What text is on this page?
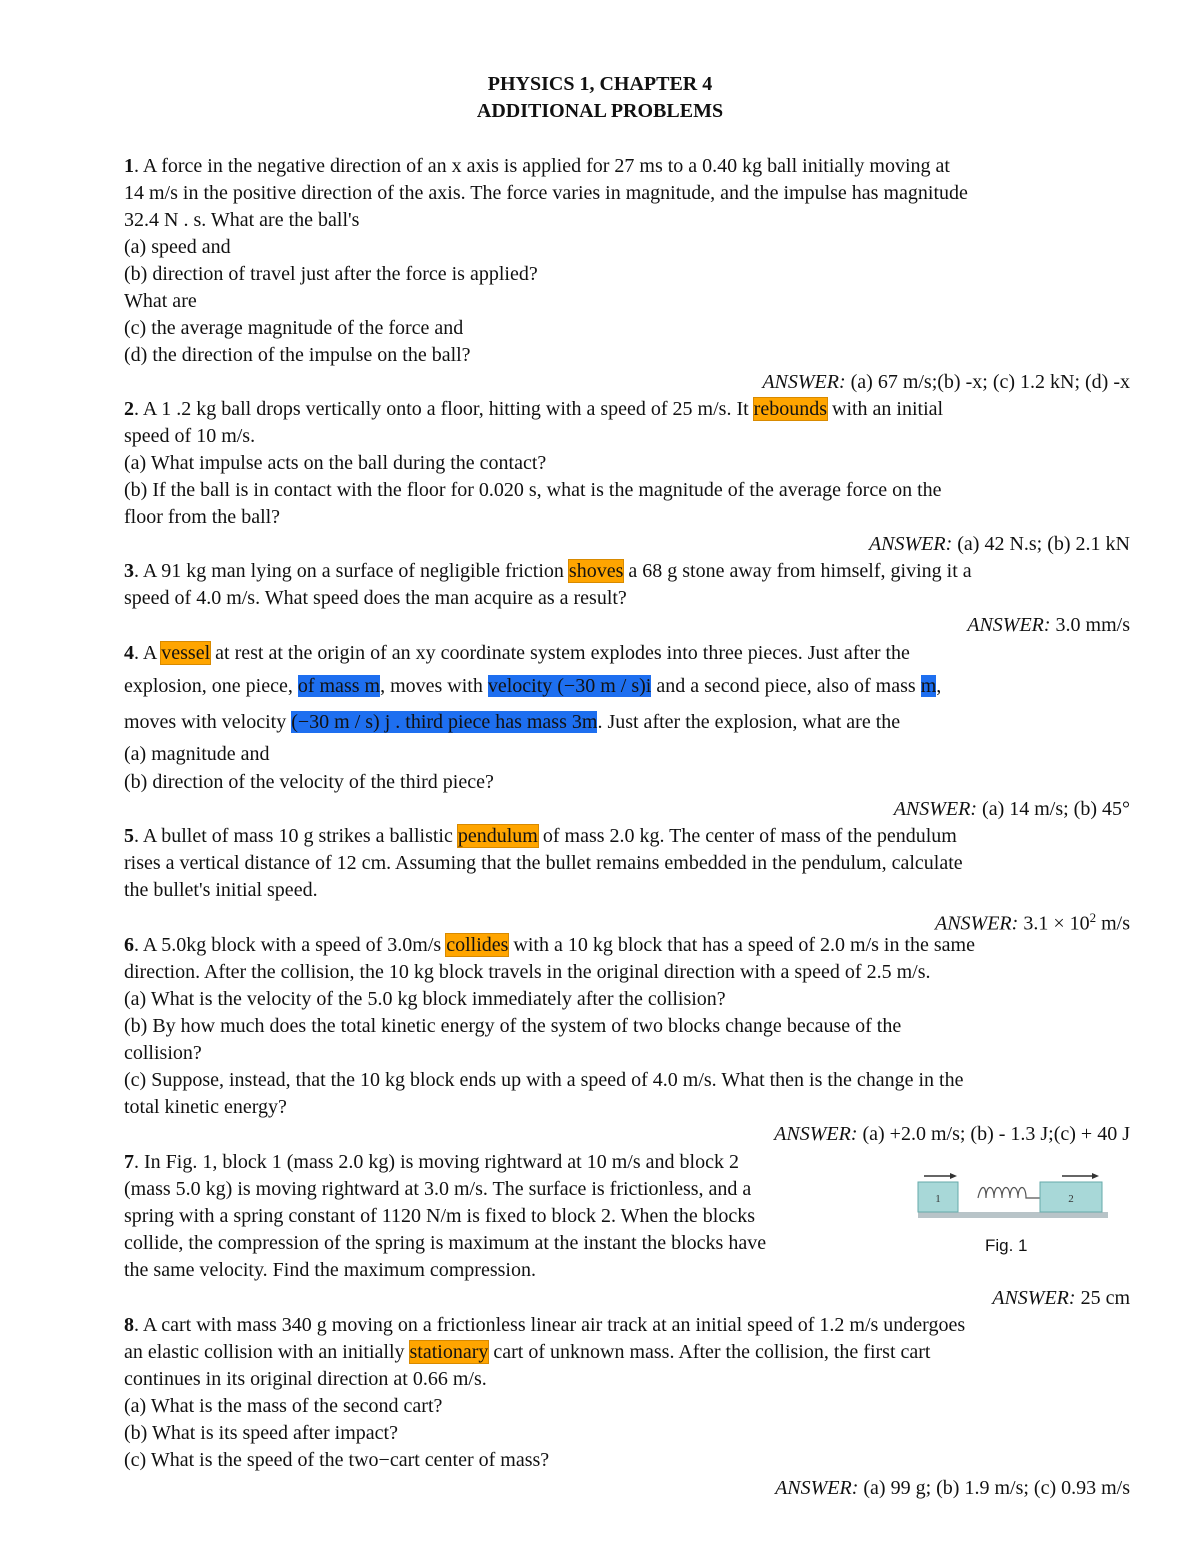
PHYSICS 1, CHAPTER 4
ADDITIONAL PROBLEMS
1. A force in the negative direction of an x axis is applied for 27 ms to a 0.40 kg ball initially moving at
14 m/s in the positive direction of the axis. The force varies in magnitude, and the impulse has magnitude
32.4 N . s. What are the ball's
(a) speed and
(b) direction of travel just after the force is applied?
What are
(c) the average magnitude of the force and
(d) the direction of the impulse on the ball?
ANSWER: (a) 67 m/s;(b) -x; (c) 1.2 kN; (d) -x
2. A 1 .2 kg ball drops vertically onto a floor, hitting with a speed of 25 m/s. It rebounds with an initial
speed of 10 m/s.
(a) What impulse acts on the ball during the contact?
(b) If the ball is in contact with the floor for 0.020 s, what is the magnitude of the average force on the
floor from the ball?
ANSWER: (a) 42 N.s; (b) 2.1 kN
3. A 91 kg man lying on a surface of negligible friction shoves a 68 g stone away from himself, giving it a
speed of 4.0 m/s. What speed does the man acquire as a result?
ANSWER: 3.0 mm/s
4. A vessel at rest at the origin of an xy coordinate system explodes into three pieces. Just after the
explosion, one piece, of mass m, moves with velocity (−30 m / s)i and a second piece, also of mass m,
moves with velocity (−30 m / s) j . third piece has mass 3m. Just after the explosion, what are the
(a) magnitude and
(b) direction of the velocity of the third piece?
ANSWER: (a) 14 m/s; (b) 45°
5. A bullet of mass 10 g strikes a ballistic pendulum of mass 2.0 kg. The center of mass of the pendulum
rises a vertical distance of 12 cm. Assuming that the bullet remains embedded in the pendulum, calculate
the bullet's initial speed.
ANSWER: $3.1 \times 10^2$ m/s
6. A 5.0kg block with a speed of 3.0m/s collides with a 10 kg block that has a speed of 2.0 m/s in the same
direction. After the collision, the 10 kg block travels in the original direction with a speed of 2.5 m/s.
(a) What is the velocity of the 5.0 kg block immediately after the collision?
(b) By how much does the total kinetic energy of the system of two blocks change because of the
collision?
(c) Suppose, instead, that the 10 kg block ends up with a speed of 4.0 m/s. What then is the change in the
total kinetic energy?
ANSWER: (a) +2.0 m/s; (b) - 1.3 J;(c) + 40 J
7. In Fig. 1, block 1 (mass 2.0 kg) is moving rightward at 10 m/s and block 2
(mass 5.0 kg) is moving rightward at 3.0 m/s. The surface is frictionless, and a
spring with a spring constant of 1120 N/m is fixed to block 2. When the blocks
collide, the compression of the spring is maximum at the instant the blocks have
the same velocity. Find the maximum compression.
1	2
Fig. 1
ANSWER: 25 cm
8. A cart with mass 340 g moving on a frictionless linear air track at an initial speed of 1.2 m/s undergoes
an elastic collision with an initially stationary cart of unknown mass. After the collision, the first cart
continues in its original direction at 0.66 m/s.
(a) What is the mass of the second cart?
(b) What is its speed after impact?
(c) What is the speed of the two−cart center of mass?
ANSWER: (a) 99 g; (b) 1.9 m/s; (c) 0.93 m/s
